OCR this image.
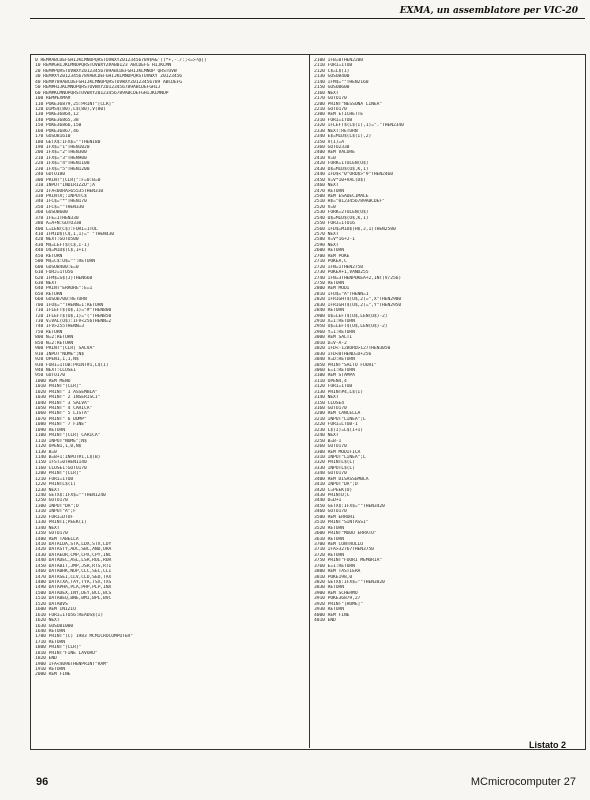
EXMA, un assemblatore per VIC-20
0 REM#ABCDEFGHIJKLMNOPQRSTUVWXYZ0123456789$%&'()*+,-./:;<=>?@[]
10 REM#GHIJKLMNOPQRSTUVWXYZ#AB0123 ABCDEFG HIJKLMN
20 REM#PQRSTUVWXYZ0123456789ABCDEFGHIJKLMNOP QRSTUVW
30 REM#XYZ0123456789ABCDEFGHIJKLMNOPQRSTUVWXY Z0123456
40 REM#789ABCDEFGHIJKLMNOPQRSTUVWXYZ0123456789 ABCDEFG
50 REM#HIJKLMNOPQRSTUVWXYZ0123456789ABCDEFGHIJ
60 REM#KLMNOPQRSTUVWXYZ0123456789ABCDEFGHIJKLMNOP
100 REM#EXMA#
110 POKE36879,25:PRINT"[CLR]"
120 DIMS$(80),L$(80),V(80)
130 POKE36864,12
140 POKE36865,38
150 POKE36866,150
160 POKE36867,46
170 GOSUB1610
180 GETX$:IFX$=""THEN180
190 IFX$="1"THEN1020
200 IFX$="2"THEN300
210 IFX$="3"THEN900
220 IFX$="4"THEN1100
230 IFX$="5"THEN1200
240 GOTO180
300 PRINT"[CLR]":F=0:B=0
310 INPUT"INDIRIZZO";A
320 IFA<0ORA>65535THEN310
330 PRINTA;:INPUTC$
340 IFC$="*"THEN170
350 IFC$=""THEN330
360 GOSUB600
370 IFE=1THEN330
380 A=A+N:GOTO330
400 L=LEN(C$):FORI=1TOL
410 IFMID$(C$,I,1)=" "THEN430
420 NEXT:GOTO500
430 M$=LEFT$(C$,I-1)
440 O$=MID$(C$,I+1)
450 RETURN
500 M$=C$:O$="":RETURN
600 GOSUB400:E=0
610 FORJ=1TO56
620 IFM$=S$(J)THEN660
630 NEXT
640 PRINT"ERRORE":E=1
650 RETURN
660 GOSUB700:RETURN
700 IFO$=""THENN=1:RETURN
710 IFLEFT$(O$,1)="#"THEN800
720 IFLEFT$(O$,1)="("THEN850
730 V=VAL(O$):IFV<256THENN=2
740 IFV>255THENN=3
750 RETURN
800 N=2:RETURN
850 N=2:RETURN
900 PRINT"[CLR] SALVA"
910 INPUT"NOME";N$
920 OPEN1,1,1,N$
930 FORI=1TOB:PRINT#1,L$(I)
940 NEXT:CLOSE1
950 GOTO170
1000 REM MENU
1010 PRINT"[CLR]"
1020 PRINT" 1 ASSEMBLA"
1030 PRINT" 2 INSERISCI"
1040 PRINT" 3 SALVA"
1050 PRINT" 4 CARICA"
1060 PRINT" 5 LISTA"
1070 PRINT" 6 DUMP"
1080 PRINT" 7 FINE"
1090 RETURN
1100 PRINT"[CLR] CARICA"
1110 INPUT"NOME";N$
1120 OPEN1,1,0,N$
1130 B=0
1140 B=B+1:INPUT#1,L$(B)
1150 IFST=0THEN1140
1160 CLOSE1:GOTO170
1200 PRINT"[CLR]"
1210 FORI=1TOB
1220 PRINTL$(I)
1230 NEXT
1240 GETX$:IFX$=""THEN1240
1250 GOTO170
1300 INPUT"DA";D
1310 INPUT"A";F
1320 FORI=DTOF
1330 PRINTI;PEEK(I)
1340 NEXT
1350 GOTO170
1400 REM TABELLA
1410 DATALDA,STA,LDX,STX,LDY
1420 DATASTY,ADC,SBC,AND,ORA
1430 DATAEOR,CMP,CPX,CPY,INC
1440 DATADEC,ASL,LSR,ROL,ROR
1450 DATABIT,JMP,JSR,RTS,RTI
1460 DATABRK,NOP,CLC,SEC,CLI
1470 DATASEI,CLV,CLD,SED,TAX
1480 DATATXA,TAY,TYA,TSX,TXS
1490 DATAPHA,PLA,PHP,PLP,INX
1500 DATADEX,INY,DEY,BCC,BCS
1510 DATABEQ,BNE,BMI,BPL,BVC
1520 DATABVS
1600 REM INIZIO
1610 FORI=1TO56:READS$(I)
1620 NEXT
1630 GOSUB1000
1640 RETURN
1700 PRINT"(C) 1983 MCMICROCOMPUTER"
1710 RETURN
1800 PRINT"[CLR]"
1810 PRINT"FINE LAVORO"
1820 END
1900 IFA<4096THENPRINT"RAM"
1910 RETURN
2000 REM FINE
2100 IFB=0THEN2200
2110 FORI=1TOB
2120 C$=L$(I)
2130 GOSUB400
2140 IFM$=""THEN2160
2150 GOSUB600
2160 NEXT
2170 GOTO170
2200 PRINT"NESSUNA LINEA"
2210 GOTO170
2300 REM ETICHETTE
2310 FORI=1TOB
2320 IFLEFT$(L$(I),1)="."THEN2340
2330 NEXT:RETURN
2340 E$=MID$(L$(I),2)
2350 V(I)=A
2360 GOTO2330
2400 REM VALORE
2410 V=0
2420 FORK=1TOLEN(O$)
2430 D$=MID$(O$,K,1)
2440 IFD$<"0"ORD$>"9"THEN2460
2450 V=V*10+VAL(D$)
2460 NEXT
2470 RETURN
2500 REM ESADECIMALE
2510 H$="0123456789ABCDEF"
2520 V=0
2530 FORK=2TOLEN(O$)
2540 D$=MID$(O$,K,1)
2550 FORJ=1TO16
2560 IFD$=MID$(H$,J,1)THEN2580
2570 NEXT
2580 V=V*16+J-1
2590 NEXT
2600 RETURN
2700 REM POKE
2710 POKEA,C
2720 IFN=1THEN2750
2730 POKEA+1,VAND255
2740 IFN=3THENPOKEA+2,INT(V/256)
2750 RETURN
2800 REM MODI
2810 IFO$="A"THENN=1
2820 IFRIGHT$(O$,2)=",X"THEN2900
2830 IFRIGHT$(O$,2)=",Y"THEN2950
2840 RETURN
2900 O$=LEFT$(O$,LEN(O$)-2)
2910 X=1:RETURN
2950 O$=LEFT$(O$,LEN(O$)-2)
2960 Y=1:RETURN
3000 REM SALTI
3010 D=V-A-2
3020 IFD<-128ORD>127THEN3050
3030 IFD<0THEND=D+256
3040 V=D:RETURN
3050 PRINT"SALTO FUORI"
3060 E=1:RETURN
3100 REM STAMPA
3110 OPEN4,4
3120 FORI=1TOB
3130 PRINT#4,L$(I)
3140 NEXT
3150 CLOSE4
3160 GOTO170
3200 REM CANCELLA
3210 INPUT"LINEA";L
3220 FORI=LTOB-1
3230 L$(I)=L$(I+1)
3240 NEXT
3250 B=B-1
3260 GOTO170
3300 REM MODIFICA
3310 INPUT"LINEA";L
3320 PRINTL$(L)
3330 INPUTL$(L)
3340 GOTO170
3400 REM DISASSEMBLA
3410 INPUT"DA";D
3420 C=PEEK(D)
3430 PRINTD;C
3440 D=D+1
3450 GETX$:IFX$=""THEN3420
3460 GOTO170
3500 REM ERRORI
3510 PRINT"SINTASSI"
3520 RETURN
3600 PRINT"MODO ERRATO"
3610 RETURN
3700 REM CONTROLLO
3710 IFA>32767THEN3750
3720 RETURN
3750 PRINT"FUORI MEMORIA"
3760 E=1:RETURN
3800 REM TASTIERA
3810 POKE198,0
3820 GETX$:IFX$=""THEN3820
3830 RETURN
3900 REM SCHERMO
3910 POKE36879,27
3920 PRINT"[HOME]"
3930 RETURN
4000 REM FINE
4010 END
Listato 2
96	MCmicrocomputer 27
